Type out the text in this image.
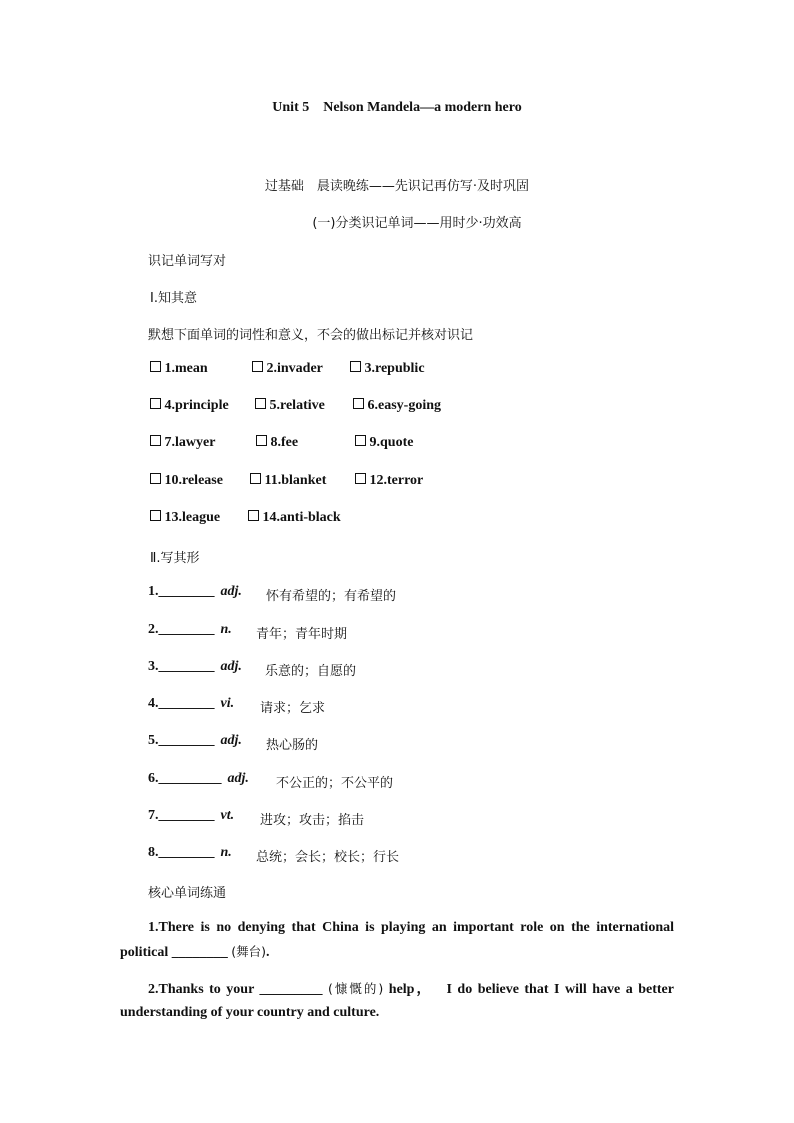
Unit 5 Nelson Mandela—a modern hero
过基础　晨读晚练——先识记再仿写·及时巩固
(一)分类识记单词——用时少·功效高
识记单词写对
Ⅰ.知其意
默想下面单词的词性和意义，不会的做出标记并核对识记
1.mean	2.invader	3.republic
4.principle	5.relative	6.easy-going
7.lawyer	8.fee	9.quote
10.release	11.blanket	12.terror
13.league	14.anti-black
Ⅱ.写其形
1.________ adj. 怀有希望的；有希望的
2.________ n. 青年；青年时期
3.________ adj. 乐意的；自愿的
4.________ vi. 请求；乞求
5.________ adj. 热心肠的
6._________ adj. 不公正的；不公平的
7.________ vt. 进攻；攻击；掐击
8.________ n. 总统；会长；校长；行长
核心单词练通
1.There is no denying that China is playing an important role on the international
political ________ (舞台).
2.Thanks to your _________ (慷慨的) help， I do believe that I will have a better
understanding of your country and culture.
